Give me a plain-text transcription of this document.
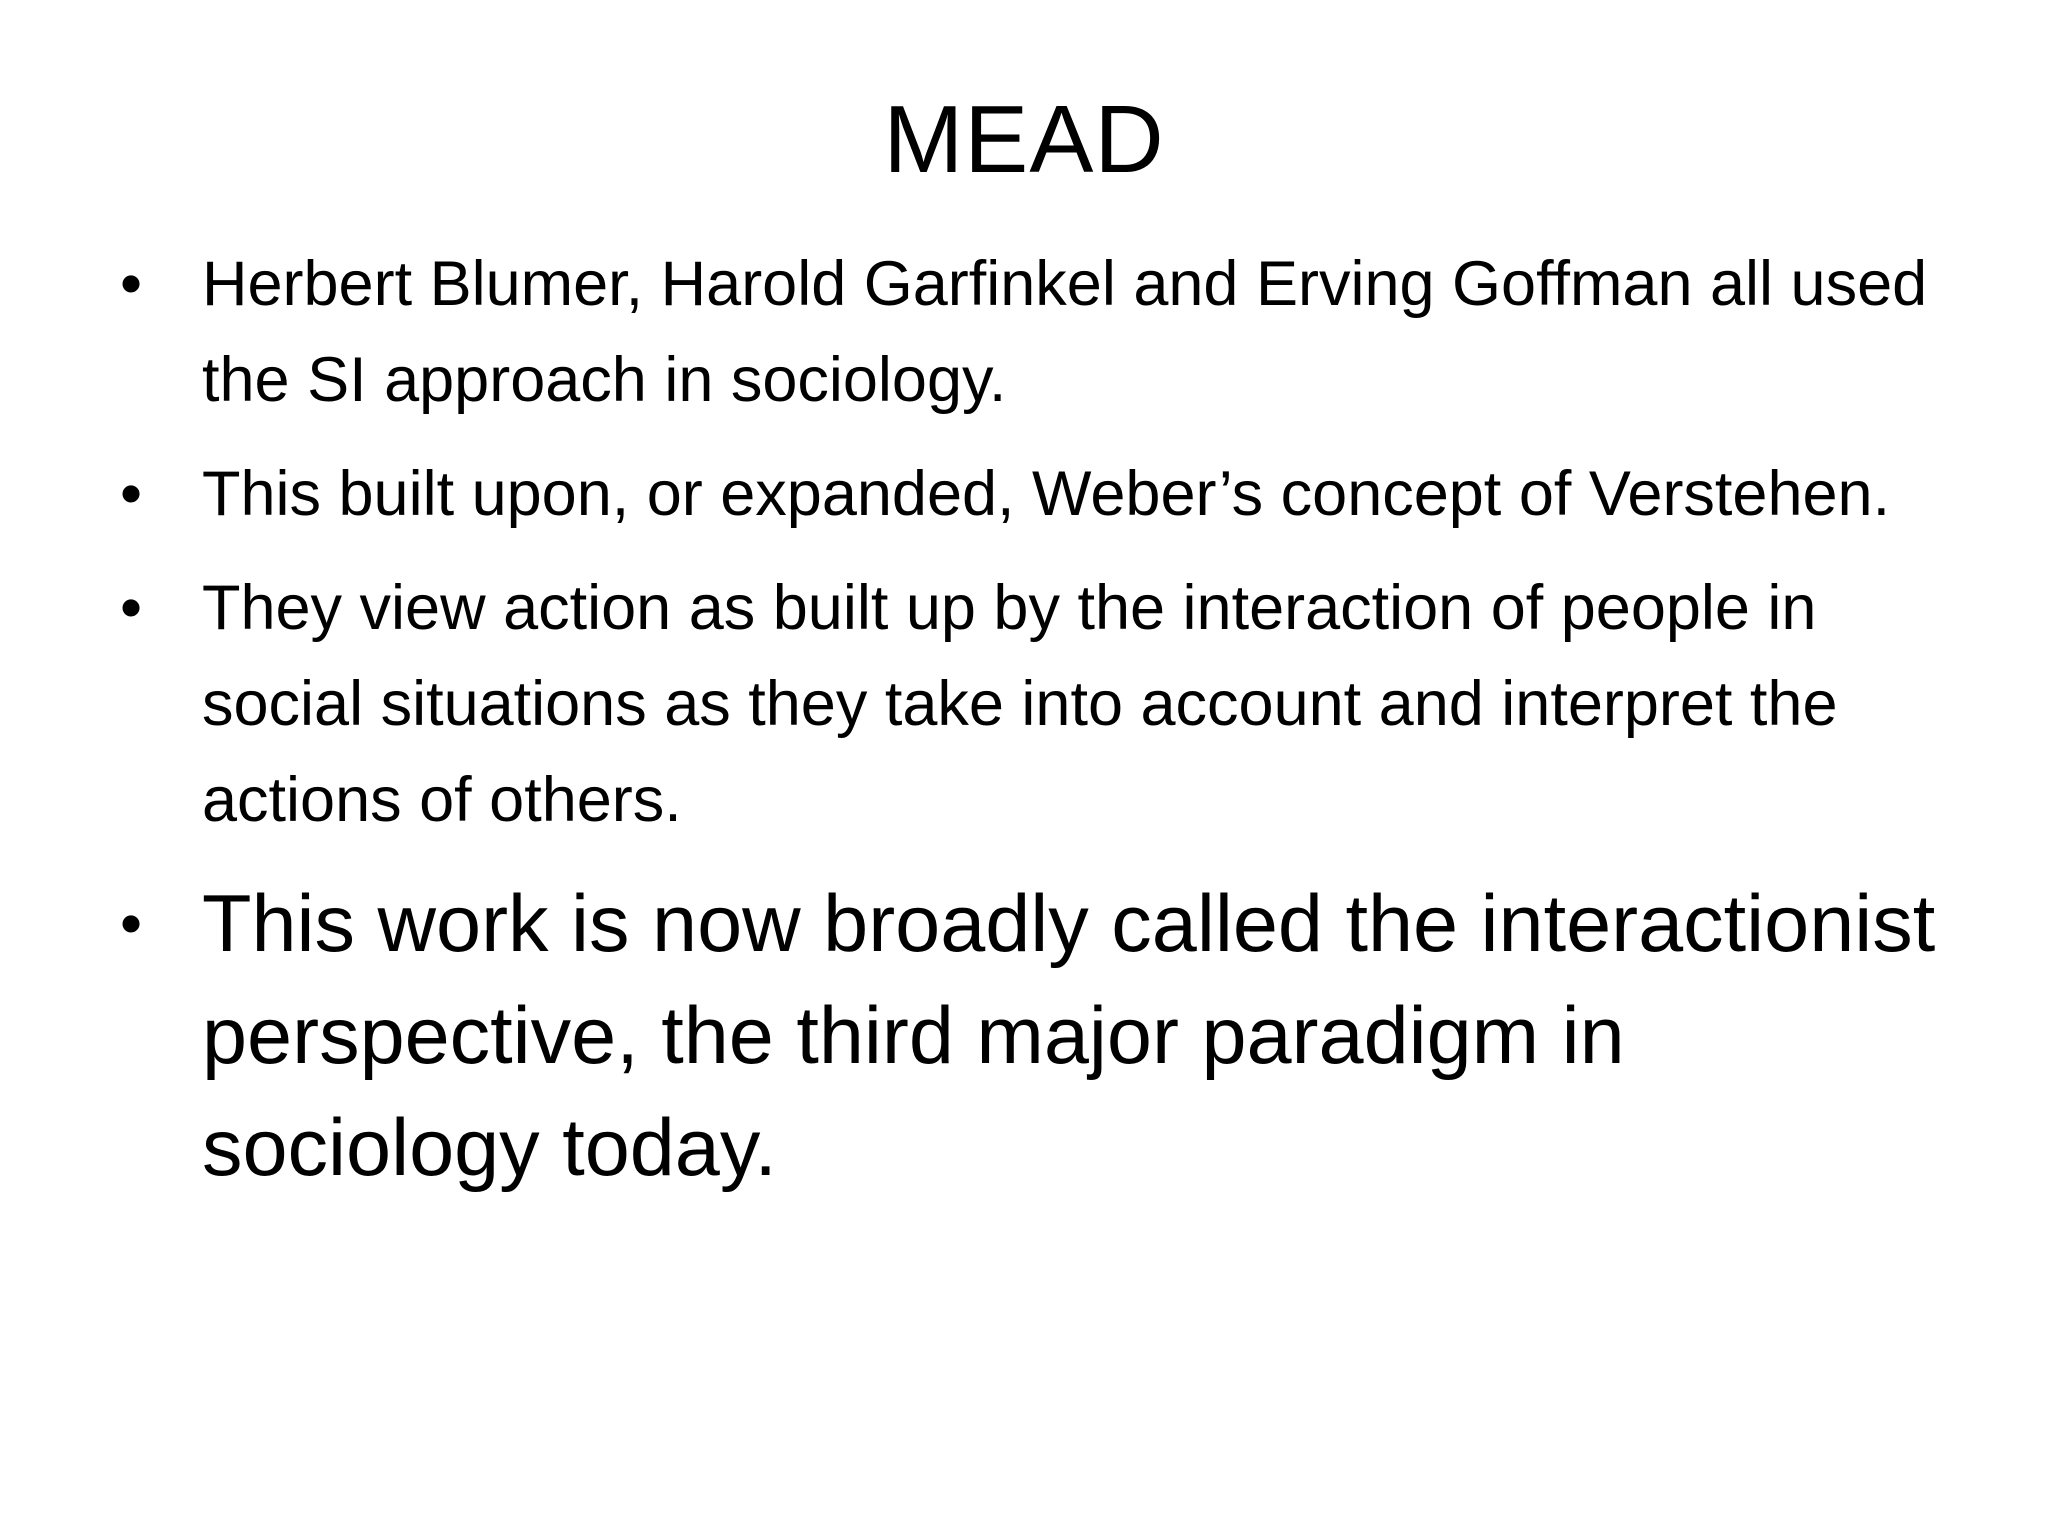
MEAD
• Herbert Blumer, Harold Garfinkel and Erving Goffman all used the SI approach in sociology.
• This built upon, or expanded, Weber’s concept of Verstehen.
• They view action as built up by the interaction of people in social situations as they take into account and interpret the actions of others.
• This work is now broadly called the interactionist perspective, the third major paradigm in sociology today.
